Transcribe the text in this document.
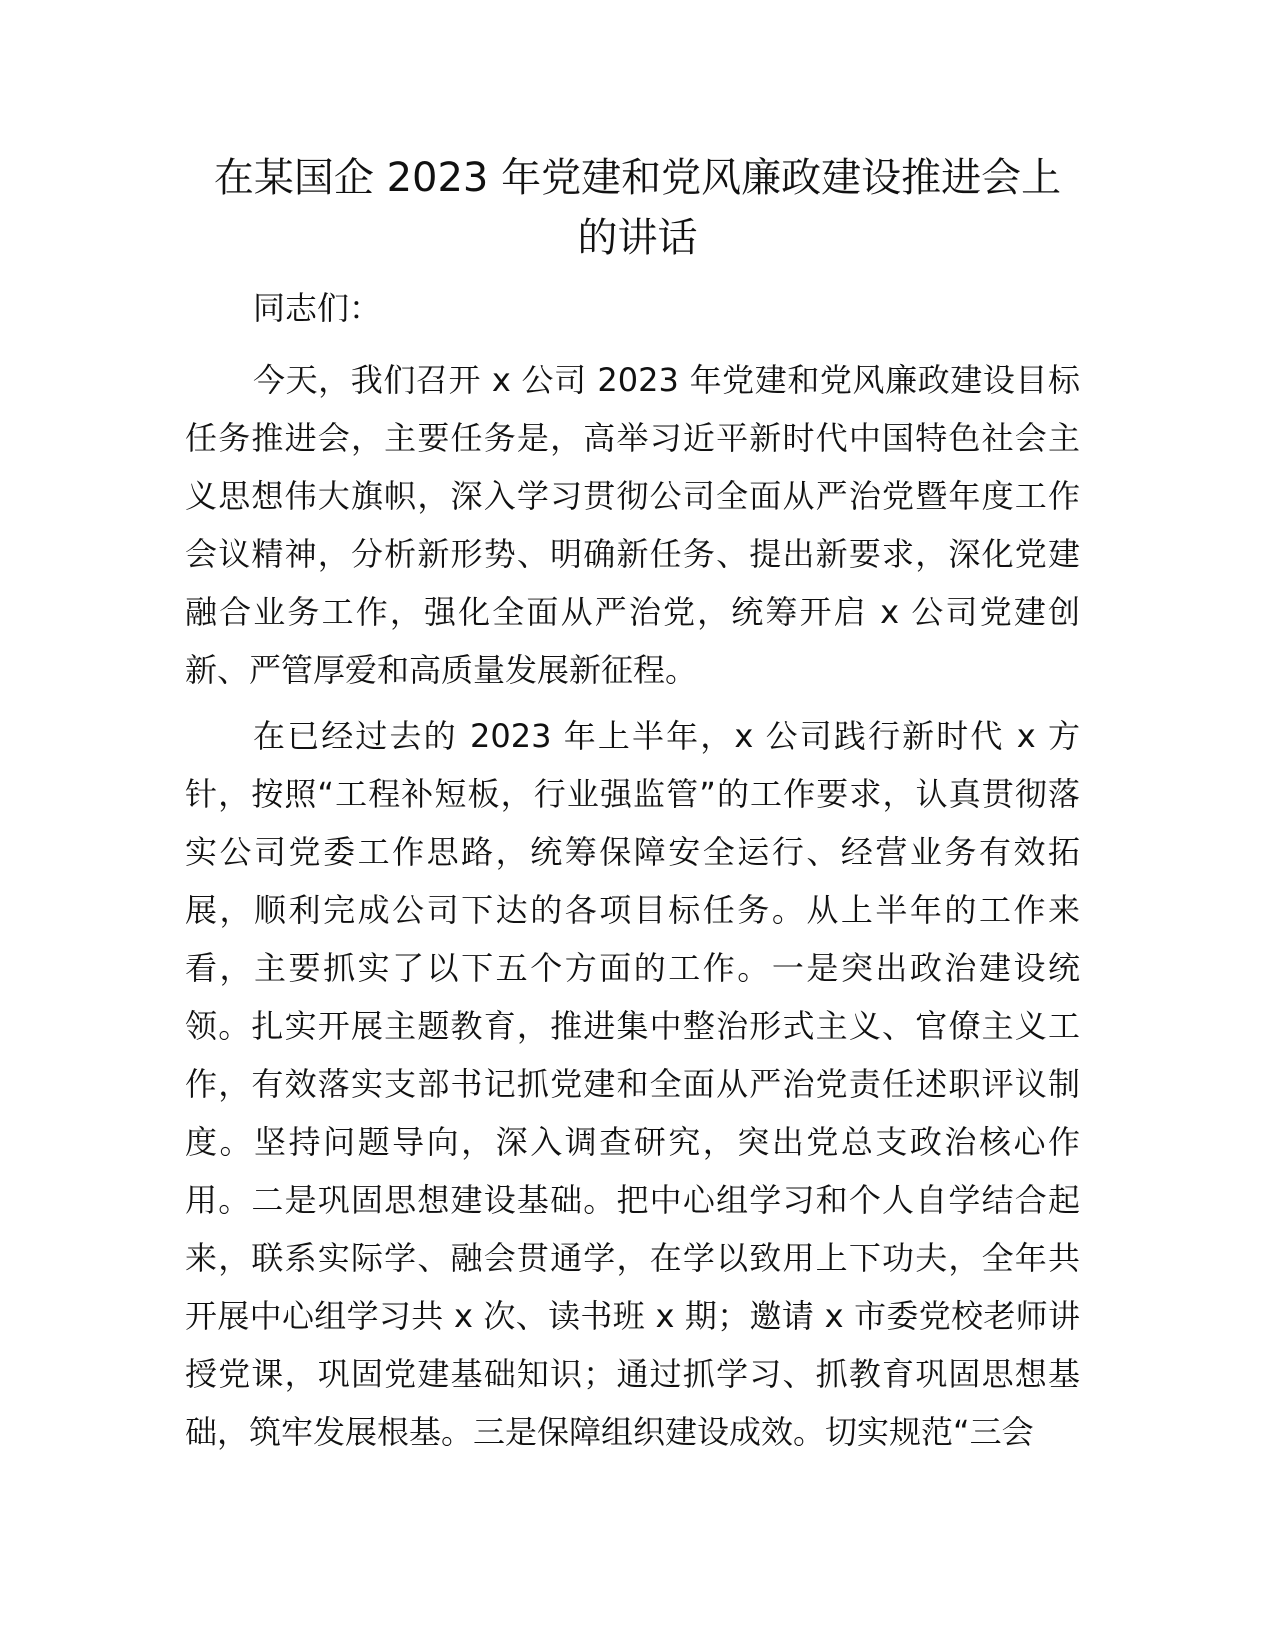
在某国企 2023 年党建和党风廉政建设推进会上
的讲话

同志们：

今天，我们召开 x 公司 2023 年党建和党风廉政建设目标任务推进会，主要任务是，高举习近平新时代中国特色社会主义思想伟大旗帜，深入学习贯彻公司全面从严治党暨年度工作会议精神，分析新形势、明确新任务、提出新要求，深化党建融合业务工作，强化全面从严治党，统筹开启 x 公司党建创新、严管厚爱和高质量发展新征程。

在已经过去的 2023 年上半年，x 公司践行新时代 x 方针，按照“工程补短板，行业强监管”的工作要求，认真贯彻落实公司党委工作思路，统筹保障安全运行、经营业务有效拓展，顺利完成公司下达的各项目标任务。从上半年的工作来看，主要抓实了以下五个方面的工作。一是突出政治建设统领。扎实开展主题教育，推进集中整治形式主义、官僚主义工作，有效落实支部书记抓党建和全面从严治党责任述职评议制度。坚持问题导向，深入调查研究，突出党总支政治核心作用。二是巩固思想建设基础。把中心组学习和个人自学结合起来，联系实际学、融会贯通学，在学以致用上下功夫，全年共开展中心组学习共 x 次、读书班 x 期；邀请 x 市委党校老师讲授党课，巩固党建基础知识；通过抓学习、抓教育巩固思想基础，筑牢发展根基。三是保障组织建设成效。切实规范“三会
